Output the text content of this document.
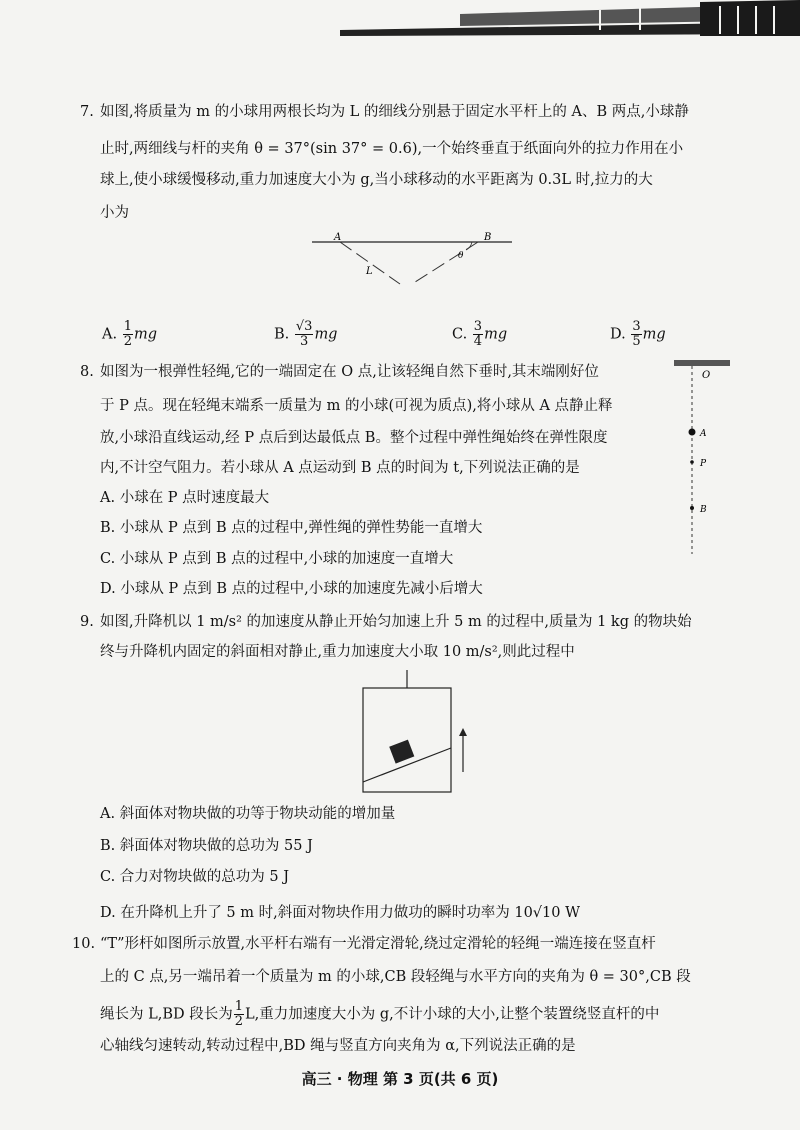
7. 如图,将质量为 m 的小球用两根长均为 L 的细线分别悬于固定水平杆上的 A、B 两点,小球静
止时,两细线与杆的夹角 θ = 37°(sin 37° = 0.6),一个始终垂直于纸面向外的拉力作用在小
球上,使小球缓慢移动,重力加速度大小为 g,当小球移动的水平距离为 0.3L 时,拉力的大
小为
A	B
θ
L
A. $\frac{1}{2}$ mg	B. $\frac{√3}{3}$ mg	C. $\frac{3}{4}$ mg	D. $\frac{3}{5}$ mg
8. 如图为一根弹性轻绳,它的一端固定在 O 点,让该轻绳自然下垂时,其末端刚好位
于 P 点。现在轻绳末端系一质量为 m 的小球(可视为质点),将小球从 A 点静止释
放,小球沿直线运动,经 P 点后到达最低点 B。整个过程中弹性绳始终在弹性限度
内,不计空气阻力。若小球从 A 点运动到 B 点的时间为 t,下列说法正确的是
A. 小球在 P 点时速度最大
B. 小球从 P 点到 B 点的过程中,弹性绳的弹性势能一直增大
C. 小球从 P 点到 B 点的过程中,小球的加速度一直增大
D. 小球从 P 点到 B 点的过程中,小球的加速度先减小后增大
O
A
P
B
9. 如图,升降机以 1 m/s² 的加速度从静止开始匀加速上升 5 m 的过程中,质量为 1 kg 的物块始
终与升降机内固定的斜面相对静止,重力加速度大小取 10 m/s²,则此过程中
A. 斜面体对物块做的功等于物块动能的增加量
B. 斜面体对物块做的总功为 55 J
C. 合力对物块做的总功为 5 J
D. 在升降机上升了 5 m 时,斜面对物块作用力做功的瞬时功率为 10√10 W
10. “T”形杆如图所示放置,水平杆右端有一光滑定滑轮,绕过定滑轮的轻绳一端连接在竖直杆
上的 C 点,另一端吊着一个质量为 m 的小球,CB 段轻绳与水平方向的夹角为 θ = 30°,CB 段
绳长为 L,BD 段长为 $\frac{1}{2} L$,重力加速度大小为 g,不计小球的大小,让整个装置绕竖直杆的中
心轴线匀速转动,转动过程中,BD 绳与竖直方向夹角为 α,下列说法正确的是
高三 · 物理 第 3 页(共 6 页)
